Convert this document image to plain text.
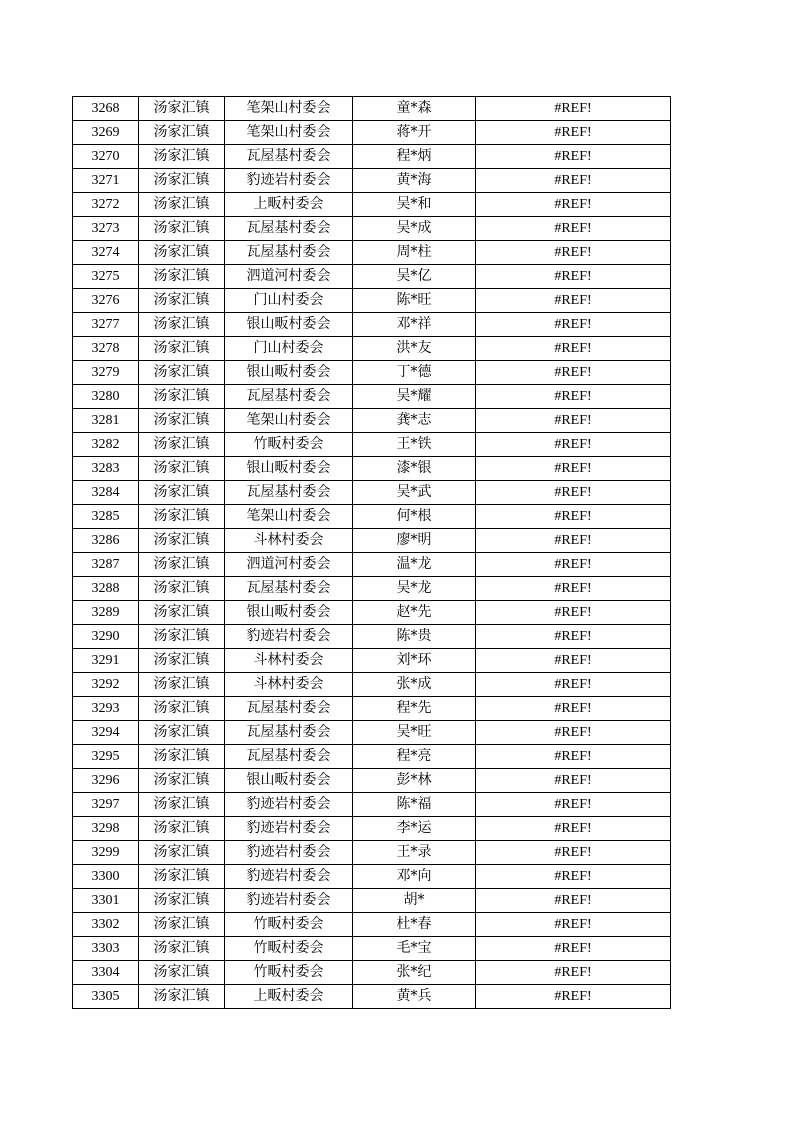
3268	汤家汇镇	笔架山村委会	童*森	#REF!
3269	汤家汇镇	笔架山村委会	蒋*开	#REF!
3270	汤家汇镇	瓦屋基村委会	程*炳	#REF!
3271	汤家汇镇	豹迹岩村委会	黄*海	#REF!
3272	汤家汇镇	上畈村委会	吴*和	#REF!
3273	汤家汇镇	瓦屋基村委会	吴*成	#REF!
3274	汤家汇镇	瓦屋基村委会	周*柱	#REF!
3275	汤家汇镇	泗道河村委会	吴*亿	#REF!
3276	汤家汇镇	门山村委会	陈*旺	#REF!
3277	汤家汇镇	银山畈村委会	邓*祥	#REF!
3278	汤家汇镇	门山村委会	洪*友	#REF!
3279	汤家汇镇	银山畈村委会	丁*德	#REF!
3280	汤家汇镇	瓦屋基村委会	吴*耀	#REF!
3281	汤家汇镇	笔架山村委会	龚*志	#REF!
3282	汤家汇镇	竹畈村委会	王*铁	#REF!
3283	汤家汇镇	银山畈村委会	漆*银	#REF!
3284	汤家汇镇	瓦屋基村委会	吴*武	#REF!
3285	汤家汇镇	笔架山村委会	何*根	#REF!
3286	汤家汇镇	斗林村委会	廖*明	#REF!
3287	汤家汇镇	泗道河村委会	温*龙	#REF!
3288	汤家汇镇	瓦屋基村委会	吴*龙	#REF!
3289	汤家汇镇	银山畈村委会	赵*先	#REF!
3290	汤家汇镇	豹迹岩村委会	陈*贵	#REF!
3291	汤家汇镇	斗林村委会	刘*环	#REF!
3292	汤家汇镇	斗林村委会	张*成	#REF!
3293	汤家汇镇	瓦屋基村委会	程*先	#REF!
3294	汤家汇镇	瓦屋基村委会	吴*旺	#REF!
3295	汤家汇镇	瓦屋基村委会	程*亮	#REF!
3296	汤家汇镇	银山畈村委会	彭*林	#REF!
3297	汤家汇镇	豹迹岩村委会	陈*福	#REF!
3298	汤家汇镇	豹迹岩村委会	李*运	#REF!
3299	汤家汇镇	豹迹岩村委会	王*录	#REF!
3300	汤家汇镇	豹迹岩村委会	邓*向	#REF!
3301	汤家汇镇	豹迹岩村委会	胡*	#REF!
3302	汤家汇镇	竹畈村委会	杜*春	#REF!
3303	汤家汇镇	竹畈村委会	毛*宝	#REF!
3304	汤家汇镇	竹畈村委会	张*纪	#REF!
3305	汤家汇镇	上畈村委会	黄*兵	#REF!
